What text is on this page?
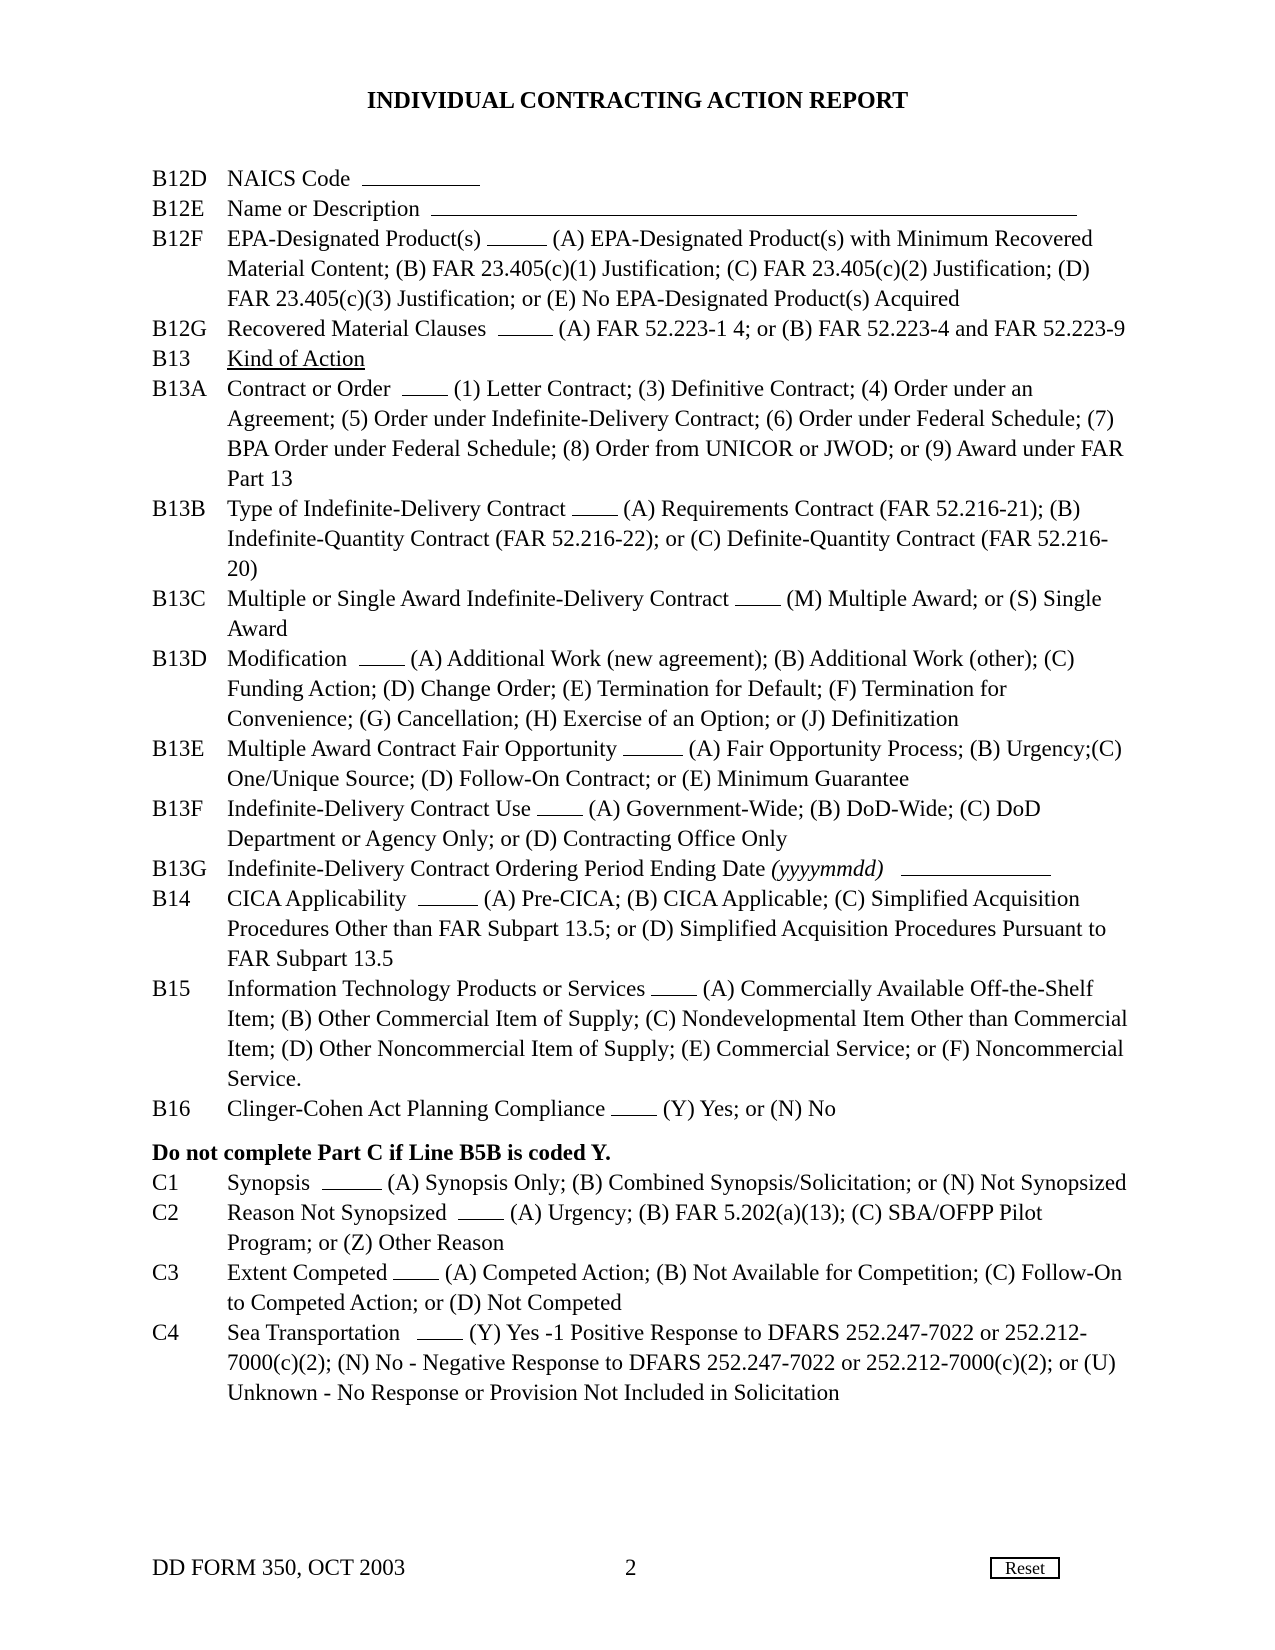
INDIVIDUAL CONTRACTING ACTION REPORT
B12D NAICS Code
B12E Name or Description
B12F	EPA-Designated Product(s)	(A) EPA-Designated Product(s) with Minimum Recovered Material Content; (B) FAR 23.405(c)(1) Justification; (C) FAR 23.405(c)(2) Justification; (D) FAR 23.405(c)(3) Justification; or (E) No EPA-Designated Product(s) Acquired
B12G Recovered Material Clauses	(A) FAR 52.223-1 4; or (B) FAR 52.223-4 and FAR 52.223-9
B13	Kind of Action
B13A Contract or Order	(1) Letter Contract; (3) Definitive Contract; (4) Order under an Agreement; (5) Order under Indefinite-Delivery Contract; (6) Order under Federal Schedule; (7) BPA Order under Federal Schedule; (8) Order from UNICOR or JWOD; or (9) Award under FAR Part 13
B13B Type of Indefinite-Delivery Contract	(A) Requirements Contract (FAR 52.216-21); (B) Indefinite-Quantity Contract (FAR 52.216-22); or (C) Definite-Quantity Contract (FAR 52.216-20)
B13C Multiple or Single Award Indefinite-Delivery Contract	(M) Multiple Award; or (S) Single Award
B13D Modification	(A) Additional Work (new agreement); (B) Additional Work (other); (C) Funding Action; (D) Change Order; (E) Termination for Default; (F) Termination for Convenience; (G) Cancellation; (H) Exercise of an Option; or (J) Definitization
B13E Multiple Award Contract Fair Opportunity	(A) Fair Opportunity Process; (B) Urgency;(C) One/Unique Source; (D) Follow-On Contract; or (E) Minimum Guarantee
B13F	Indefinite-Delivery Contract Use	(A) Government-Wide; (B) DoD-Wide; (C) DoD Department or Agency Only; or (D) Contracting Office Only
B13G Indefinite-Delivery Contract Ordering Period Ending Date (yyyymmdd)
B14	CICA Applicability	(A) Pre-CICA; (B) CICA Applicable; (C) Simplified Acquisition Procedures Other than FAR Subpart 13.5; or (D) Simplified Acquisition Procedures Pursuant to FAR Subpart 13.5
B15	Information Technology Products or Services	(A) Commercially Available Off-the-Shelf Item; (B) Other Commercial Item of Supply; (C) Nondevelopmental Item Other than Commercial Item; (D) Other Noncommercial Item of Supply; (E) Commercial Service; or (F) Noncommercial Service.
B16	Clinger-Cohen Act Planning Compliance	(Y) Yes; or (N) No
Do not complete Part C if Line B5B is coded Y.
C1	Synopsis	(A) Synopsis Only; (B) Combined Synopsis/Solicitation; or (N) Not Synopsized
C2	Reason Not Synopsized	(A) Urgency; (B) FAR 5.202(a)(13); (C) SBA/OFPP Pilot Program; or (Z) Other Reason
C3	Extent Competed	(A) Competed Action; (B) Not Available for Competition; (C) Follow-On to Competed Action; or (D) Not Competed
C4	Sea Transportation	(Y) Yes -1 Positive Response to DFARS 252.247-7022 or 252.212-7000(c)(2); (N) No - Negative Response to DFARS 252.247-7022 or 252.212-7000(c)(2); or (U) Unknown - No Response or Provision Not Included in Solicitation
DD FORM 350, OCT 2003	2	Reset
